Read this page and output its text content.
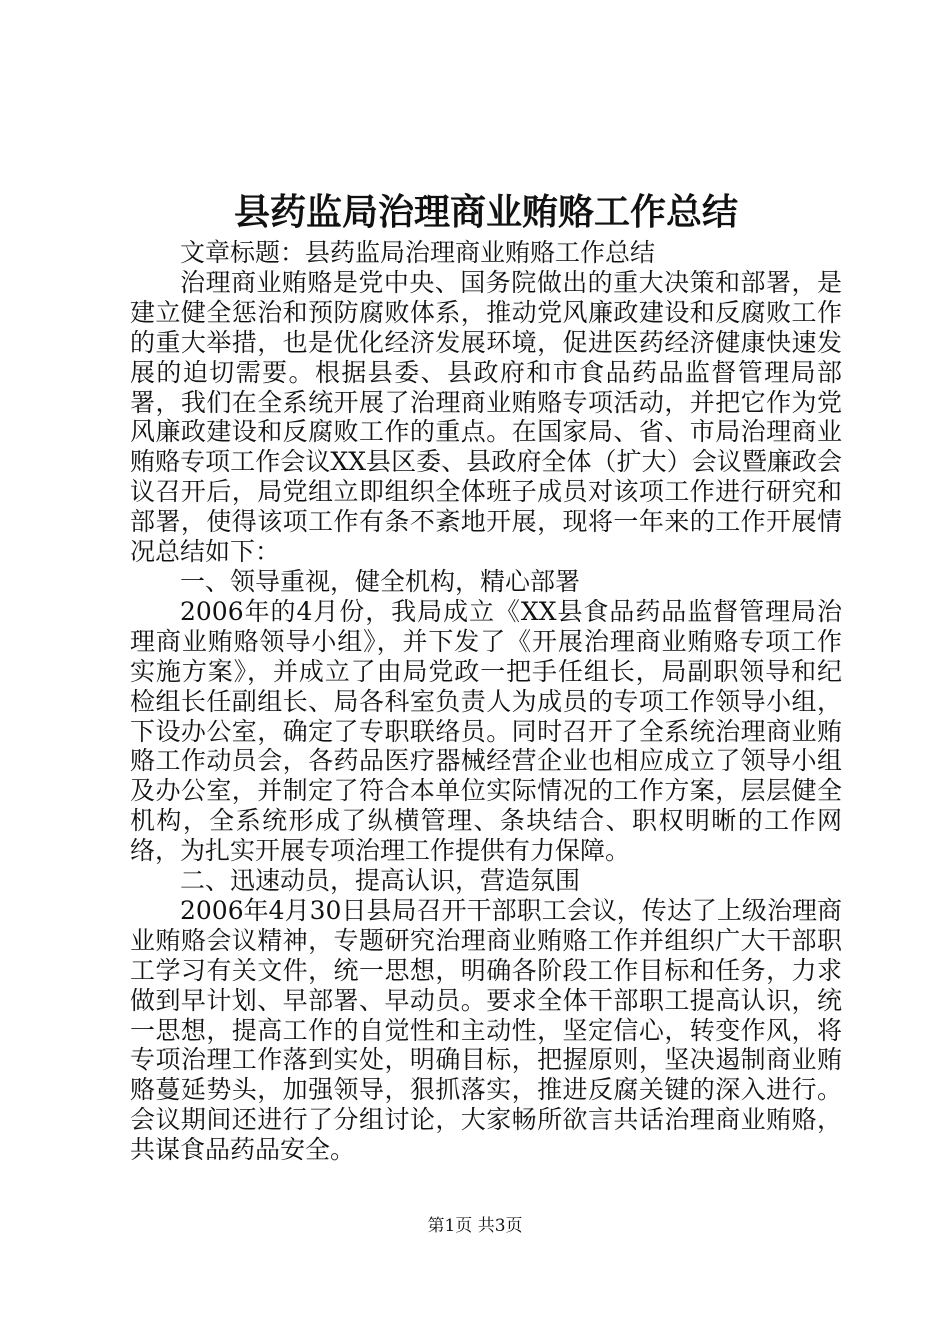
县药监局治理商业贿赂工作总结

文章标题：县药监局治理商业贿赂工作总结

治理商业贿赂是党中央、国务院做出的重大决策和部署，是建立健全惩治和预防腐败体系，推动党风廉政建设和反腐败工作的重大举措，也是优化经济发展环境，促进医药经济健康快速发展的迫切需要。根据县委、县政府和市食品药品监督管理局部署，我们在全系统开展了治理商业贿赂专项活动，并把它作为党风廉政建设和反腐败工作的重点。在国家局、省、市局治理商业贿赂专项工作会议XX县区委、县政府全体（扩大）会议暨廉政会议召开后，局党组立即组织全体班子成员对该项工作进行研究和部署，使得该项工作有条不紊地开展，现将一年来的工作开展情况总结如下：

一、领导重视，健全机构，精心部署

2006年的4月份，我局成立《XX县食品药品监督管理局治理商业贿赂领导小组》，并下发了《开展治理商业贿赂专项工作实施方案》，并成立了由局党政一把手任组长，局副职领导和纪检组长任副组长、局各科室负责人为成员的专项工作领导小组，下设办公室，确定了专职联络员。同时召开了全系统治理商业贿赂工作动员会，各药品医疗器械经营企业也相应成立了领导小组及办公室，并制定了符合本单位实际情况的工作方案，层层健全机构，全系统形成了纵横管理、条块结合、职权明晰的工作网络，为扎实开展专项治理工作提供有力保障。

二、迅速动员，提高认识，营造氛围

2006年4月30日县局召开干部职工会议，传达了上级治理商业贿赂会议精神，专题研究治理商业贿赂工作并组织广大干部职工学习有关文件，统一思想，明确各阶段工作目标和任务，力求做到早计划、早部署、早动员。要求全体干部职工提高认识，统一思想，提高工作的自觉性和主动性，坚定信心，转变作风，将专项治理工作落到实处，明确目标，把握原则，坚决遏制商业贿赂蔓延势头，加强领导，狠抓落实，推进反腐关键的深入进行。会议期间还进行了分组讨论，大家畅所欲言共话治理商业贿赂，共谋食品药品安全。

第1页 共3页
